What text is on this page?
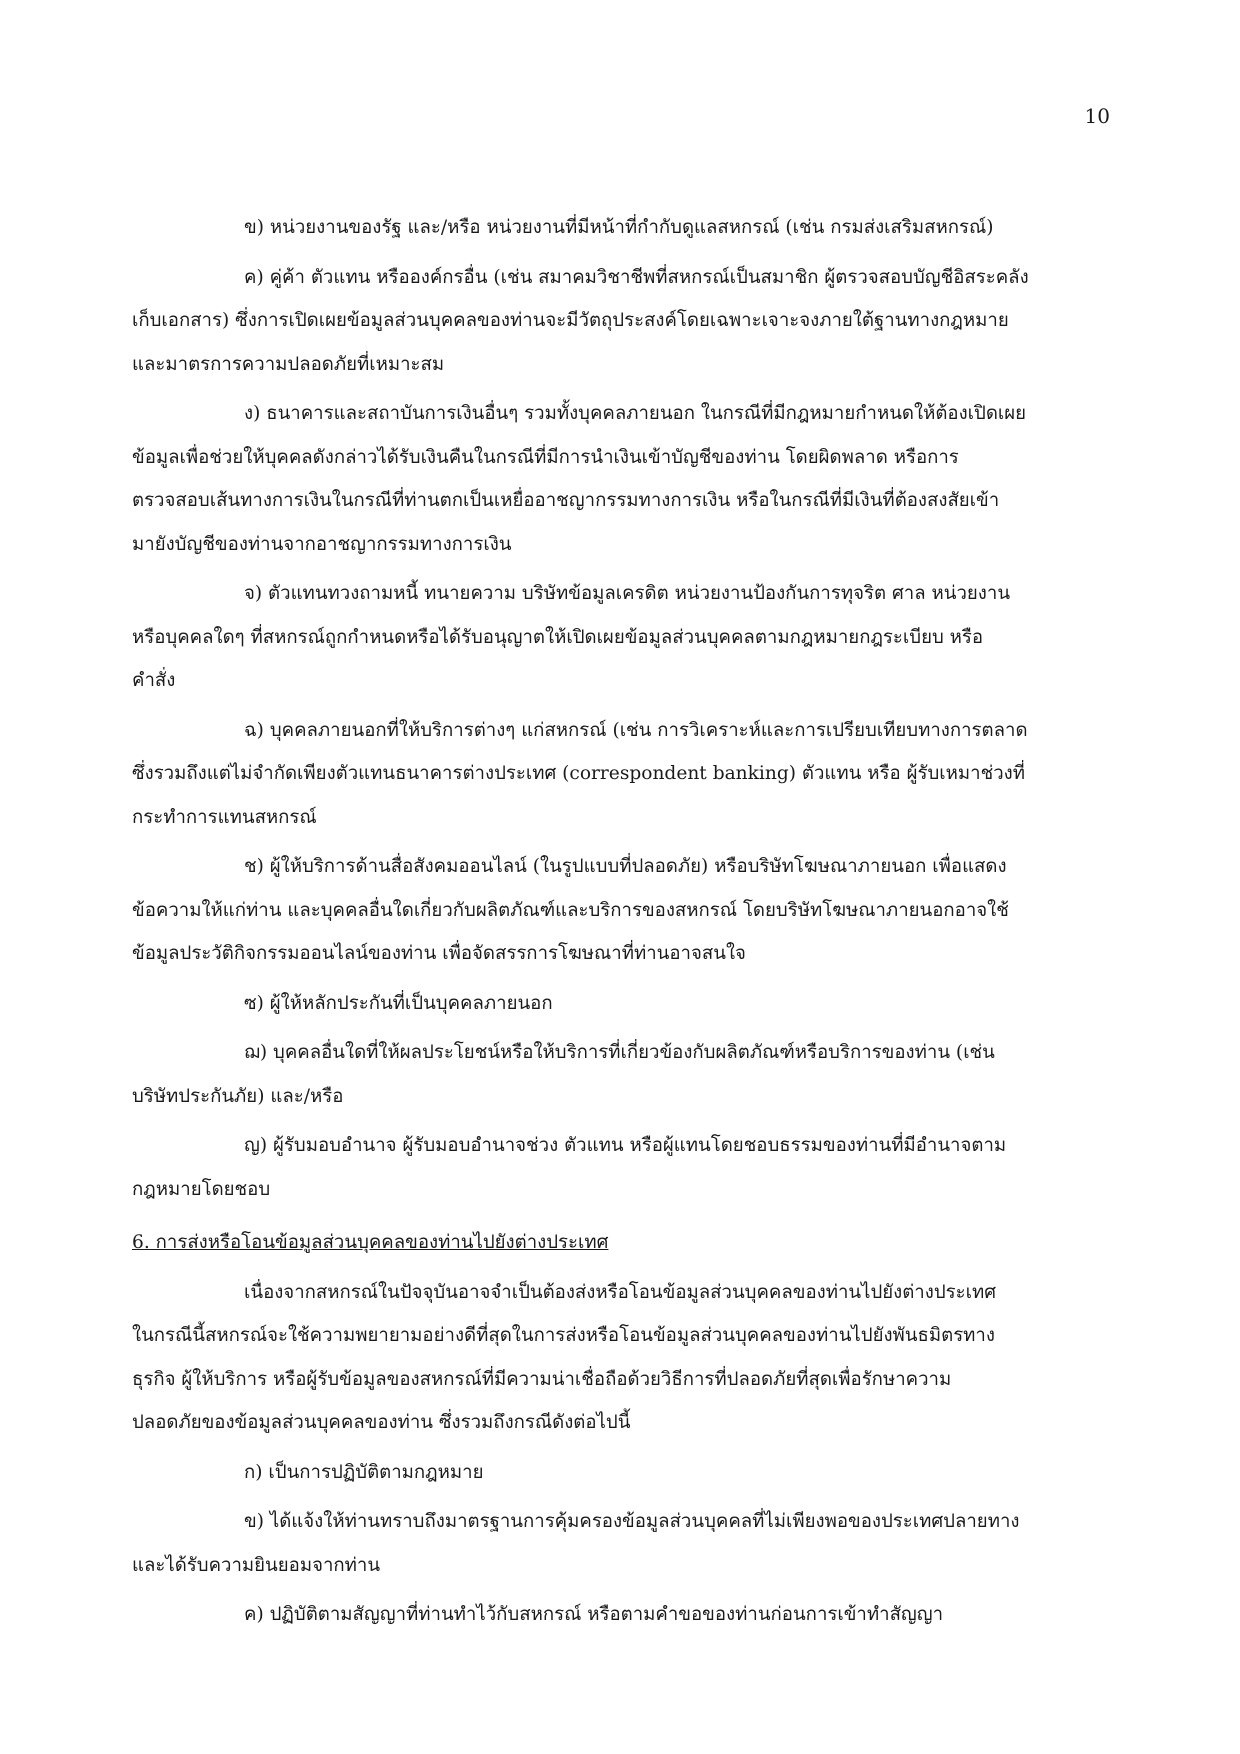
10
ข) หน่วยงานของรัฐ และ/หรือ หน่วยงานที่มีหน้าที่กำกับดูแลสหกรณ์ (เช่น กรมส่งเสริมสหกรณ์)
ค) คู่ค้า ตัวแทน หรือองค์กรอื่น (เช่น สมาคมวิชาชีพที่สหกรณ์เป็นสมาชิก ผู้ตรวจสอบบัญชีอิสระคลัง
เก็บเอกสาร) ซึ่งการเปิดเผยข้อมูลส่วนบุคคลของท่านจะมีวัตถุประสงค์โดยเฉพาะเจาะจงภายใต้ฐานทางกฎหมาย
และมาตรการความปลอดภัยที่เหมาะสม
ง) ธนาคารและสถาบันการเงินอื่นๆ รวมทั้งบุคคลภายนอก ในกรณีที่มีกฎหมายกำหนดให้ต้องเปิดเผย
ข้อมูลเพื่อช่วยให้บุคคลดังกล่าวได้รับเงินคืนในกรณีที่มีการนำเงินเข้าบัญชีของท่าน โดยผิดพลาด หรือการ
ตรวจสอบเส้นทางการเงินในกรณีที่ท่านตกเป็นเหยื่ออาชญากรรมทางการเงิน หรือในกรณีที่มีเงินที่ต้องสงสัยเข้า
มายังบัญชีของท่านจากอาชญากรรมทางการเงิน
จ) ตัวแทนทวงถามหนี้ ทนายความ บริษัทข้อมูลเครดิต หน่วยงานป้องกันการทุจริต ศาล หน่วยงาน
หรือบุคคลใดๆ ที่สหกรณ์ถูกกำหนดหรือได้รับอนุญาตให้เปิดเผยข้อมูลส่วนบุคคลตามกฎหมายกฎระเบียบ หรือ
คำสั่ง
ฉ) บุคคลภายนอกที่ให้บริการต่างๆ แก่สหกรณ์ (เช่น การวิเคราะห์และการเปรียบเทียบทางการตลาด
ซึ่งรวมถึงแต่ไม่จำกัดเพียงตัวแทนธนาคารต่างประเทศ (correspondent banking) ตัวแทน หรือ ผู้รับเหมาช่วงที่
กระทำการแทนสหกรณ์
ช) ผู้ให้บริการด้านสื่อสังคมออนไลน์ (ในรูปแบบที่ปลอดภัย) หรือบริษัทโฆษณาภายนอก เพื่อแสดง
ข้อความให้แก่ท่าน และบุคคลอื่นใดเกี่ยวกับผลิตภัณฑ์และบริการของสหกรณ์ โดยบริษัทโฆษณาภายนอกอาจใช้
ข้อมูลประวัติกิจกรรมออนไลน์ของท่าน เพื่อจัดสรรการโฆษณาที่ท่านอาจสนใจ
ซ) ผู้ให้หลักประกันที่เป็นบุคคลภายนอก
ฌ) บุคคลอื่นใดที่ให้ผลประโยชน์หรือให้บริการที่เกี่ยวข้องกับผลิตภัณฑ์หรือบริการของท่าน (เช่น
บริษัทประกันภัย) และ/หรือ
ญ) ผู้รับมอบอำนาจ ผู้รับมอบอำนาจช่วง ตัวแทน หรือผู้แทนโดยชอบธรรมของท่านที่มีอำนาจตาม
กฎหมายโดยชอบ
6. การส่งหรือโอนข้อมูลส่วนบุคคลของท่านไปยังต่างประเทศ
เนื่องจากสหกรณ์ในปัจจุบันอาจจำเป็นต้องส่งหรือโอนข้อมูลส่วนบุคคลของท่านไปยังต่างประเทศ
ในกรณีนี้สหกรณ์จะใช้ความพยายามอย่างดีที่สุดในการส่งหรือโอนข้อมูลส่วนบุคคลของท่านไปยังพันธมิตรทาง
ธุรกิจ ผู้ให้บริการ หรือผู้รับข้อมูลของสหกรณ์ที่มีความน่าเชื่อถือด้วยวิธีการที่ปลอดภัยที่สุดเพื่อรักษาความ
ปลอดภัยของข้อมูลส่วนบุคคลของท่าน ซึ่งรวมถึงกรณีดังต่อไปนี้
ก) เป็นการปฏิบัติตามกฎหมาย
ข) ได้แจ้งให้ท่านทราบถึงมาตรฐานการคุ้มครองข้อมูลส่วนบุคคลที่ไม่เพียงพอของประเทศปลายทาง
และได้รับความยินยอมจากท่าน
ค) ปฏิบัติตามสัญญาที่ท่านทำไว้กับสหกรณ์ หรือตามคำขอของท่านก่อนการเข้าทำสัญญา
